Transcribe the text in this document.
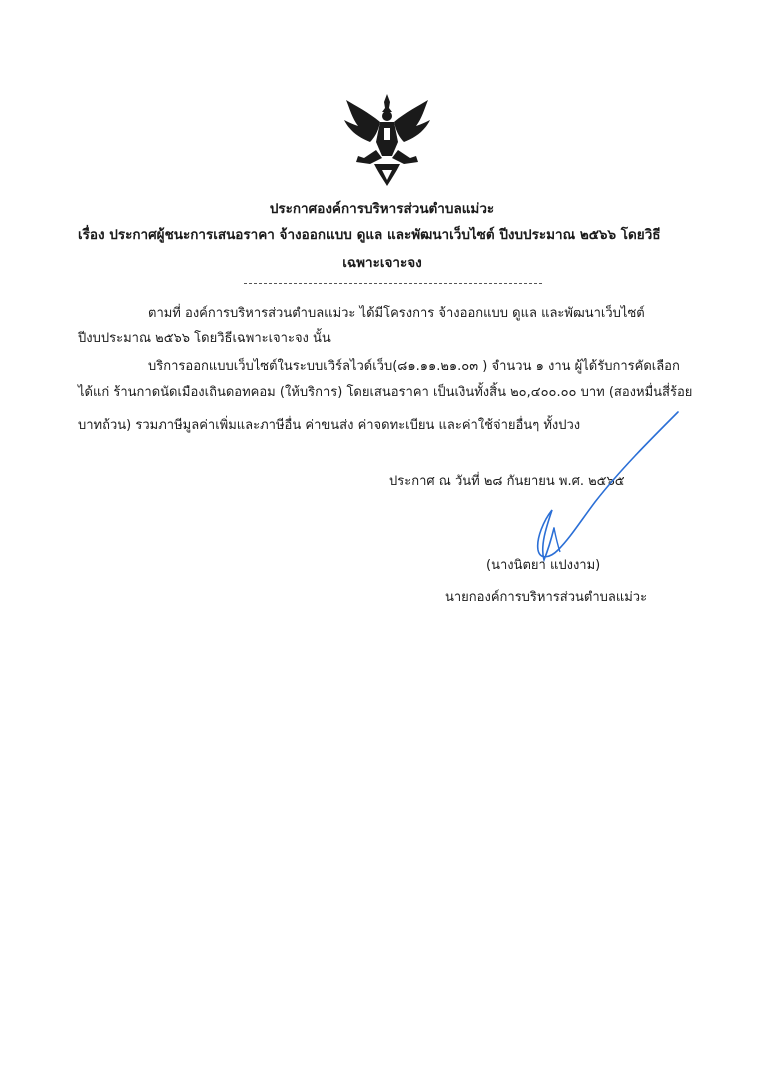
ประกาศองค์การบริหารส่วนตำบลแม่วะ
เรื่อง ประกาศผู้ชนะการเสนอราคา จ้างออกแบบ ดูแล และพัฒนาเว็บไซต์ ปีงบประมาณ ๒๕๖๖ โดยวิธี
เฉพาะเจาะจง
ตามที่ องค์การบริหารส่วนตำบลแม่วะ ได้มีโครงการ จ้างออกแบบ ดูแล และพัฒนาเว็บไซต์
ปีงบประมาณ ๒๕๖๖ โดยวิธีเฉพาะเจาะจง นั้น
บริการออกแบบเว็บไซต์ในระบบเวิร์ลไวด์เว็บ(๘๑.๑๑.๒๑.๐๓ ) จำนวน ๑ งาน ผู้ได้รับการคัดเลือก
ได้แก่ ร้านกาดนัดเมืองเถินดอทคอม (ให้บริการ) โดยเสนอราคา เป็นเงินทั้งสิ้น ๒๐,๔๐๐.๐๐ บาท (สองหมื่นสี่ร้อย
บาทถ้วน) รวมภาษีมูลค่าเพิ่มและภาษีอื่น ค่าขนส่ง ค่าจดทะเบียน และค่าใช้จ่ายอื่นๆ ทั้งปวง
ประกาศ ณ วันที่ ๒๘ กันยายน พ.ศ. ๒๕๖๕
(นางนิตยา แปงงาม)
นายกองค์การบริหารส่วนตำบลแม่วะ
